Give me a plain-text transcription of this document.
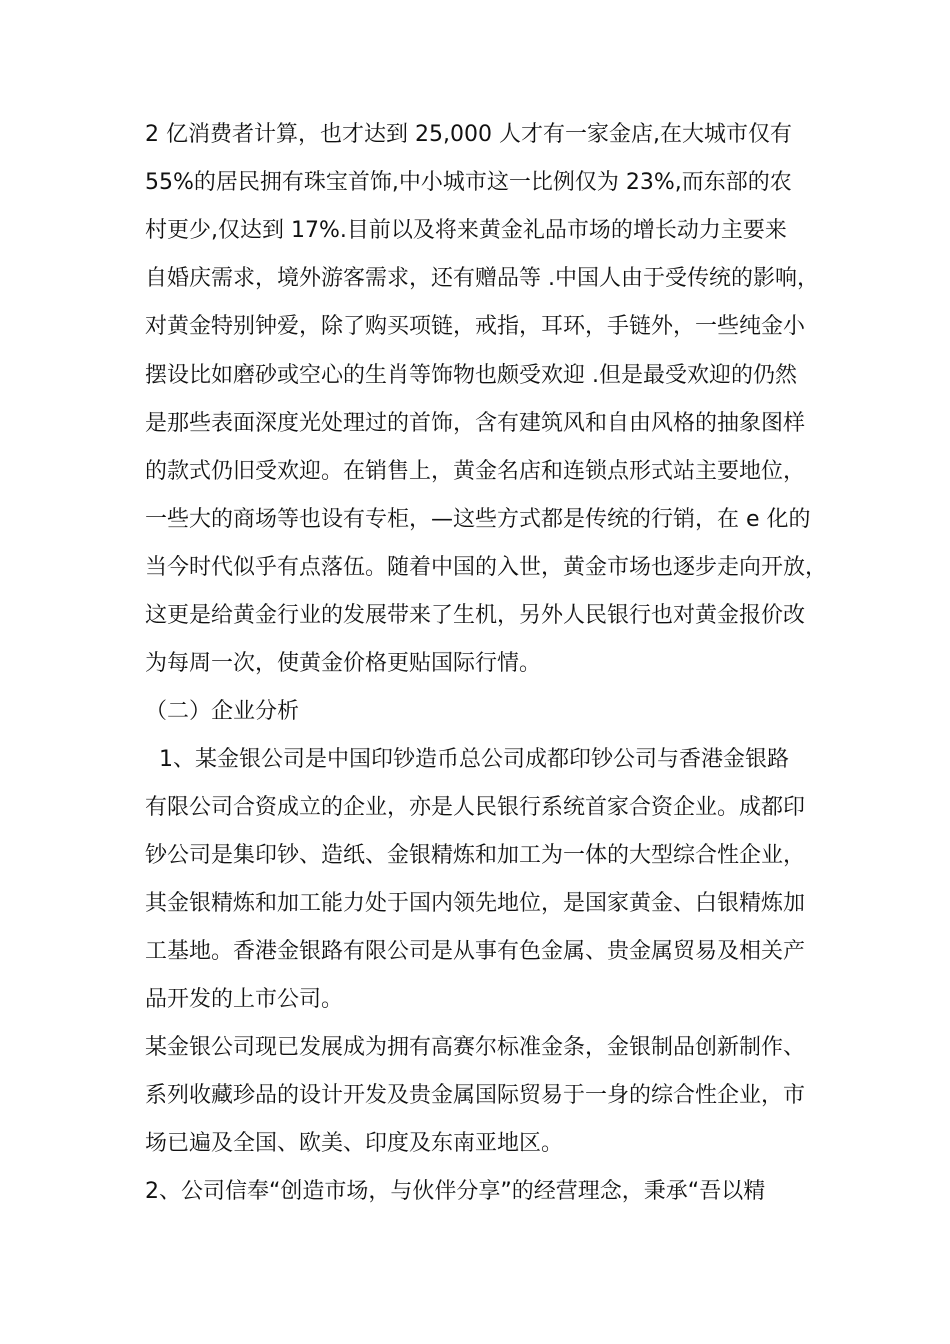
2 亿消费者计算，也才达到 25,000 人才有一家金店,在大城市仅有

55%的居民拥有珠宝首饰,中小城市这一比例仅为 23%,而东部的农

村更少,仅达到 17%.目前以及将来黄金礼品市场的增长动力主要来

自婚庆需求，境外游客需求，还有赠品等 .中国人由于受传统的影响，

对黄金特别钟爱，除了购买项链，戒指，耳环，手链外，一些纯金小

摆设比如磨砂或空心的生肖等饰物也颇受欢迎 .但是最受欢迎的仍然

是那些表面深度光处理过的首饰，含有建筑风和自由风格的抽象图样

的款式仍旧受欢迎。在销售上，黄金名店和连锁点形式站主要地位，

一些大的商场等也设有专柜，—这些方式都是传统的行销，在 e 化的

当今时代似乎有点落伍。随着中国的入世，黄金市场也逐步走向开放，

这更是给黄金行业的发展带来了生机，另外人民银行也对黄金报价改

为每周一次，使黄金价格更贴国际行情。

（二）企业分析

1、某金银公司是中国印钞造币总公司成都印钞公司与香港金银路

有限公司合资成立的企业，亦是人民银行系统首家合资企业。成都印

钞公司是集印钞、造纸、金银精炼和加工为一体的大型综合性企业，

其金银精炼和加工能力处于国内领先地位，是国家黄金、白银精炼加

工基地。香港金银路有限公司是从事有色金属、贵金属贸易及相关产

品开发的上市公司。

某金银公司现已发展成为拥有高赛尔标准金条，金银制品创新制作、

系列收藏珍品的设计开发及贵金属国际贸易于一身的综合性企业，市

场已遍及全国、欧美、印度及东南亚地区。

2、公司信奉“创造市场，与伙伴分享”的经营理念，秉承“吾以精
